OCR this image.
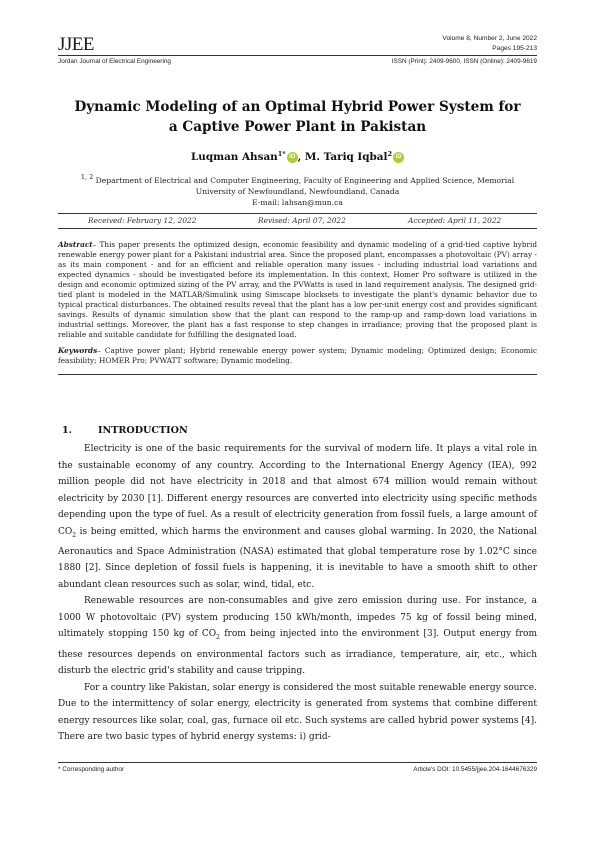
JJEE	Volume 8, Number 2, June 2022
Pages 195-213
Jordan Journal of Electrical Engineering	ISSN (Print): 2409-9600, ISSN (Online): 2409-9619
Dynamic Modeling of an Optimal Hybrid Power System for a Captive Power Plant in Pakistan
Luqman Ahsan$^{1*}$ iD , M. Tariq Iqbal$^2$ iD
1, 2 Department of Electrical and Computer Engineering, Faculty of Engineering and Applied Science, Memorial University of Newfoundland, Newfoundland, Canada
E-mail: lahsan@mun.ca
Received: February 12, 2022	Revised: April 07, 2022	Accepted: April 11, 2022
Abstract– This paper presents the optimized design, economic feasibility and dynamic modeling of a grid-tied captive hybrid renewable energy power plant for a Pakistani industrial area. Since the proposed plant, encompasses a photovoltaic (PV) array - as its main component - and for an efficient and reliable operation many issues - including industrial load variations and expected dynamics - should be investigated before its implementation. In this context, Homer Pro software is utilized in the design and economic optimized sizing of the PV array, and the PVWatts is used in land requirement analysis. The designed grid-tied plant is modeled in the MATLAB/Simulink using Simscape blocksets to investigate the plant's dynamic behavior due to typical practical disturbances. The obtained results reveal that the plant has a low per-unit energy cost and provides significant savings. Results of dynamic simulation show that the plant can respond to the ramp-up and ramp-down load variations in industrial settings. Moreover, the plant has a fast response to step changes in irradiance; proving that the proposed plant is reliable and suitable candidate for fulfilling the designated load.
Keywords– Captive power plant; Hybrid renewable energy power system; Dynamic modeling; Optimized design; Economic feasibility; HOMER Pro; PVWATT software; Dynamic modeling.
1.	INTRODUCTION

Electricity is one of the basic requirements for the survival of modern life. It plays a vital role in the sustainable economy of any country. According to the International Energy Agency (IEA), 992 million people did not have electricity in 2018 and that almost 674 million would remain without electricity by 2030 [1]. Different energy resources are converted into electricity using specific methods depending upon the type of fuel. As a result of electricity generation from fossil fuels, a large amount of $CO_2$ is being emitted, which harms the environment and causes global warming. In 2020, the National Aeronautics and Space Administration (NASA) estimated that global temperature rose by 1.02°C since 1880 [2]. Since depletion of fossil fuels is happening, it is inevitable to have a smooth shift to other abundant clean resources such as solar, wind, tidal, etc.

Renewable resources are non-consumables and give zero emission during use. For instance, a 1000 W photovoltaic (PV) system producing 150 kWh/month, impedes 75 kg of fossil being mined, ultimately stopping 150 kg of $CO_2$ from being injected into the environment [3]. Output energy from these resources depends on environmental factors such as irradiance, temperature, air, etc., which disturb the electric grid's stability and cause tripping.

For a country like Pakistan, solar energy is considered the most suitable renewable energy source. Due to the intermittency of solar energy, electricity is generated from systems that combine different energy resources like solar, coal, gas, furnace oil etc. Such systems are called hybrid power systems [4]. There are two basic types of hybrid energy systems: i) grid-

* Corresponding author	Article's DOI: 10.5455/jjee.204-1644676329
